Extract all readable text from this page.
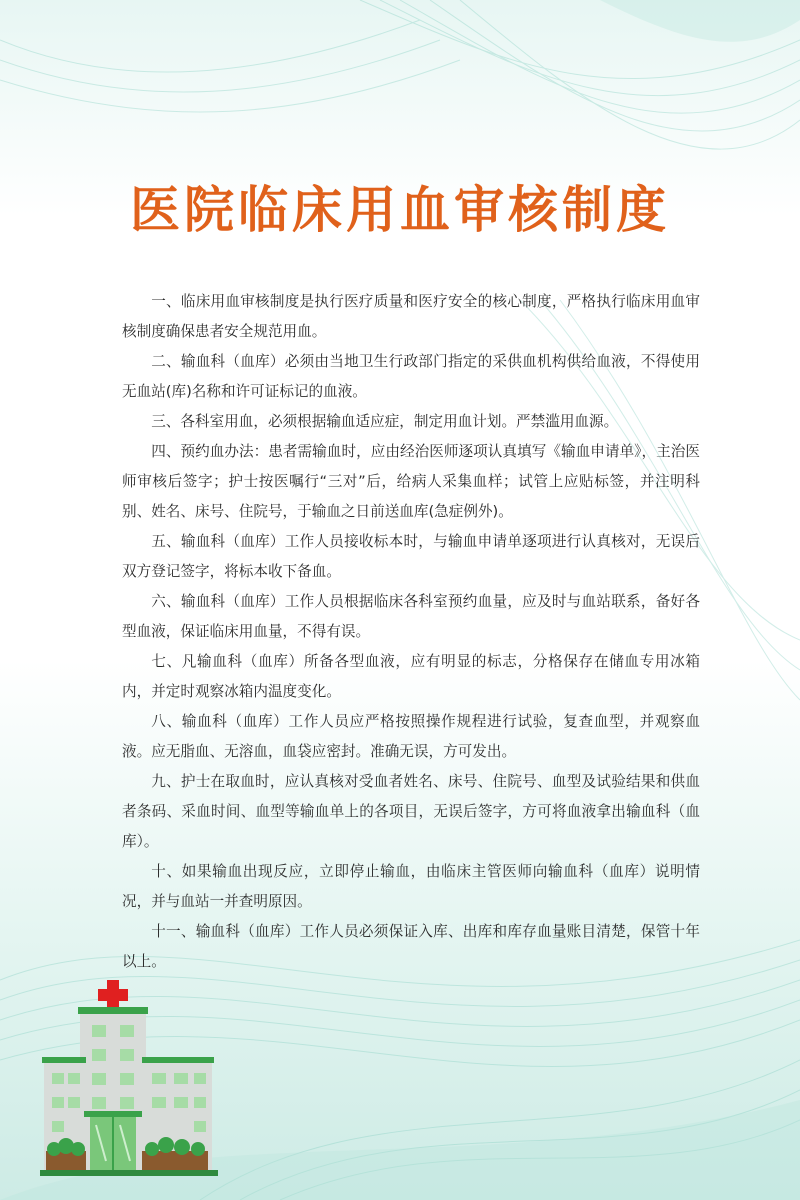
医院临床用血审核制度

一、临床用血审核制度是执行医疗质量和医疗安全的核心制度，严格执行临床用血审核制度确保患者安全规范用血。

二、输血科（血库）必须由当地卫生行政部门指定的采供血机构供给血液，不得使用无血站(库)名称和许可证标记的血液。

三、各科室用血，必须根据输血适应症，制定用血计划。严禁滥用血源。

四、预约血办法：患者需输血时，应由经治医师逐项认真填写《输血申请单》，主治医师审核后签字；护士按医嘱行“三对”后，给病人采集血样；试管上应贴标签，并注明科别、姓名、床号、住院号，于输血之日前送血库(急症例外)。

五、输血科（血库）工作人员接收标本时，与输血申请单逐项进行认真核对，无误后双方登记签字，将标本收下备血。

六、输血科（血库）工作人员根据临床各科室预约血量，应及时与血站联系，备好各型血液，保证临床用血量，不得有误。

七、凡输血科（血库）所备各型血液，应有明显的标志，分格保存在储血专用冰箱内，并定时观察冰箱内温度变化。

八、输血科（血库）工作人员应严格按照操作规程进行试验，复查血型，并观察血液。应无脂血、无溶血，血袋应密封。准确无误，方可发出。

九、护士在取血时，应认真核对受血者姓名、床号、住院号、血型及试验结果和供血者条码、采血时间、血型等输血单上的各项目，无误后签字，方可将血液拿出输血科（血库）。

十、如果输血出现反应，立即停止输血，由临床主管医师向输血科（血库）说明情况，并与血站一并查明原因。

十一、输血科（血库）工作人员必须保证入库、出库和库存血量账目清楚，保管十年以上。
